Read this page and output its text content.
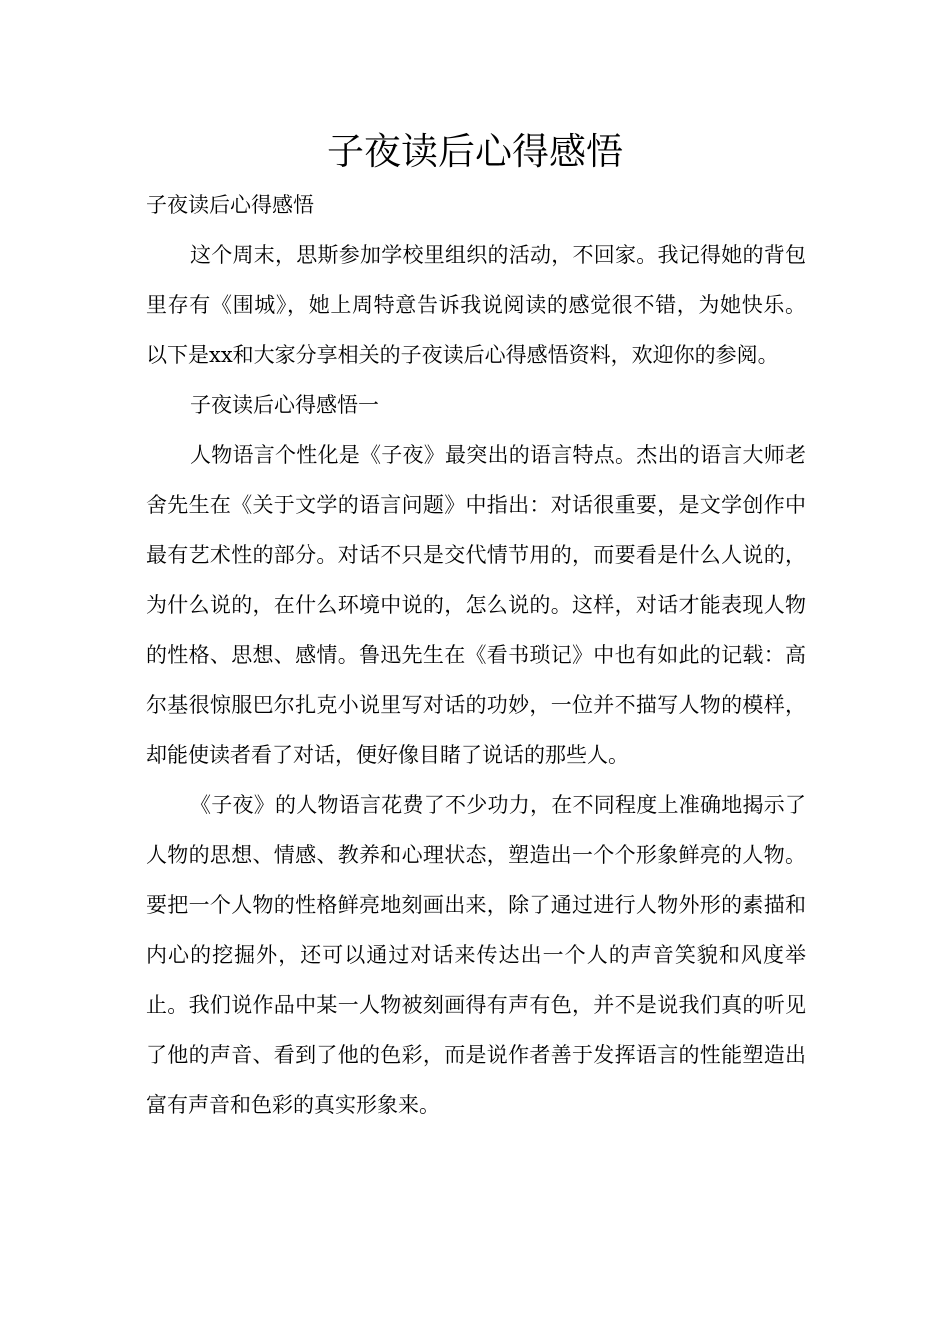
子夜读后心得感悟

子夜读后心得感悟

这个周末，思斯参加学校里组织的活动，不回家。我记得她的背包里存有《围城》，她上周特意告诉我说阅读的感觉很不错，为她快乐。以下是xx和大家分享相关的子夜读后心得感悟资料，欢迎你的参阅。

子夜读后心得感悟一

人物语言个性化是《子夜》最突出的语言特点。杰出的语言大师老舍先生在《关于文学的语言问题》中指出：对话很重要，是文学创作中最有艺术性的部分。对话不只是交代情节用的，而要看是什么人说的，为什么说的，在什么环境中说的，怎么说的。这样，对话才能表现人物的性格、思想、感情。鲁迅先生在《看书琐记》中也有如此的记载：高尔基很惊服巴尔扎克小说里写对话的功妙，一位并不描写人物的模样，却能使读者看了对话，便好像目睹了说话的那些人。

《子夜》的人物语言花费了不少功力，在不同程度上准确地揭示了人物的思想、情感、教养和心理状态，塑造出一个个形象鲜亮的人物。要把一个人物的性格鲜亮地刻画出来，除了通过进行人物外形的素描和内心的挖掘外，还可以通过对话来传达出一个人的声音笑貌和风度举止。我们说作品中某一人物被刻画得有声有色，并不是说我们真的听见了他的声音、看到了他的色彩，而是说作者善于发挥语言的性能塑造出富有声音和色彩的真实形象来。
